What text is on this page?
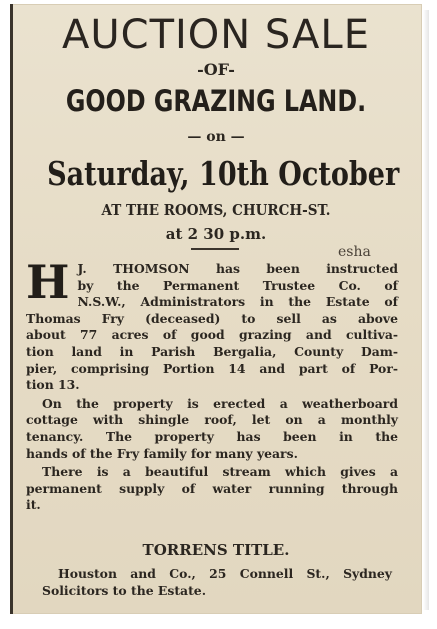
AUCTION SALE
-OF-
GOOD GRAZING LAND.
— on —
Saturday, 10th October
AT THE ROOMS, CHURCH-ST.
at 2 30 p.m.
esha
H J. THOMSON has been instructed
by the Permanent Trustee Co. of
N.S.W., Administrators in the Estate of
Thomas Fry (deceased) to sell as above
about 77 acres of good grazing and cultiva-
tion land in Parish Bergalia, County Dam-
pier, comprising Portion 14 and part of Por-
tion 13.
On the property is erected a weatherboard
cottage with shingle roof, let on a monthly
tenancy. The property has been in the
hands of the Fry family for many years.
There is a beautiful stream which gives a
permanent supply of water running through
it.
TORRENS TITLE.
Houston and Co., 25 Connell St., Sydney
Solicitors to the Estate.
